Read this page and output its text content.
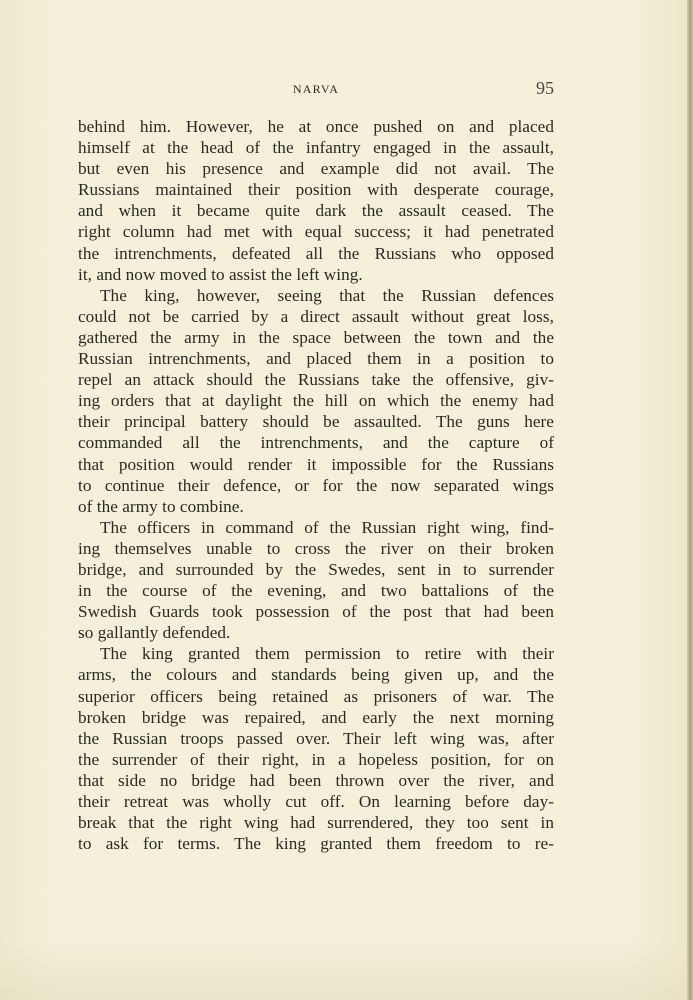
NARVA	95
behind him. However, he at once pushed on and placed
himself at the head of the infantry engaged in the assault,
but even his presence and example did not avail. The
Russians maintained their position with desperate courage,
and when it became quite dark the assault ceased. The
right column had met with equal success; it had penetrated
the intrenchments, defeated all the Russians who opposed
it, and now moved to assist the left wing.
The king, however, seeing that the Russian defences
could not be carried by a direct assault without great loss,
gathered the army in the space between the town and the
Russian intrenchments, and placed them in a position to
repel an attack should the Russians take the offensive, giv-
ing orders that at daylight the hill on which the enemy had
their principal battery should be assaulted. The guns here
commanded all the intrenchments, and the capture of
that position would render it impossible for the Russians
to continue their defence, or for the now separated wings
of the army to combine.
The officers in command of the Russian right wing, find-
ing themselves unable to cross the river on their broken
bridge, and surrounded by the Swedes, sent in to surrender
in the course of the evening, and two battalions of the
Swedish Guards took possession of the post that had been
so gallantly defended.
The king granted them permission to retire with their
arms, the colours and standards being given up, and the
superior officers being retained as prisoners of war. The
broken bridge was repaired, and early the next morning
the Russian troops passed over. Their left wing was, after
the surrender of their right, in a hopeless position, for on
that side no bridge had been thrown over the river, and
their retreat was wholly cut off. On learning before day-
break that the right wing had surrendered, they too sent in
to ask for terms. The king granted them freedom to re-
